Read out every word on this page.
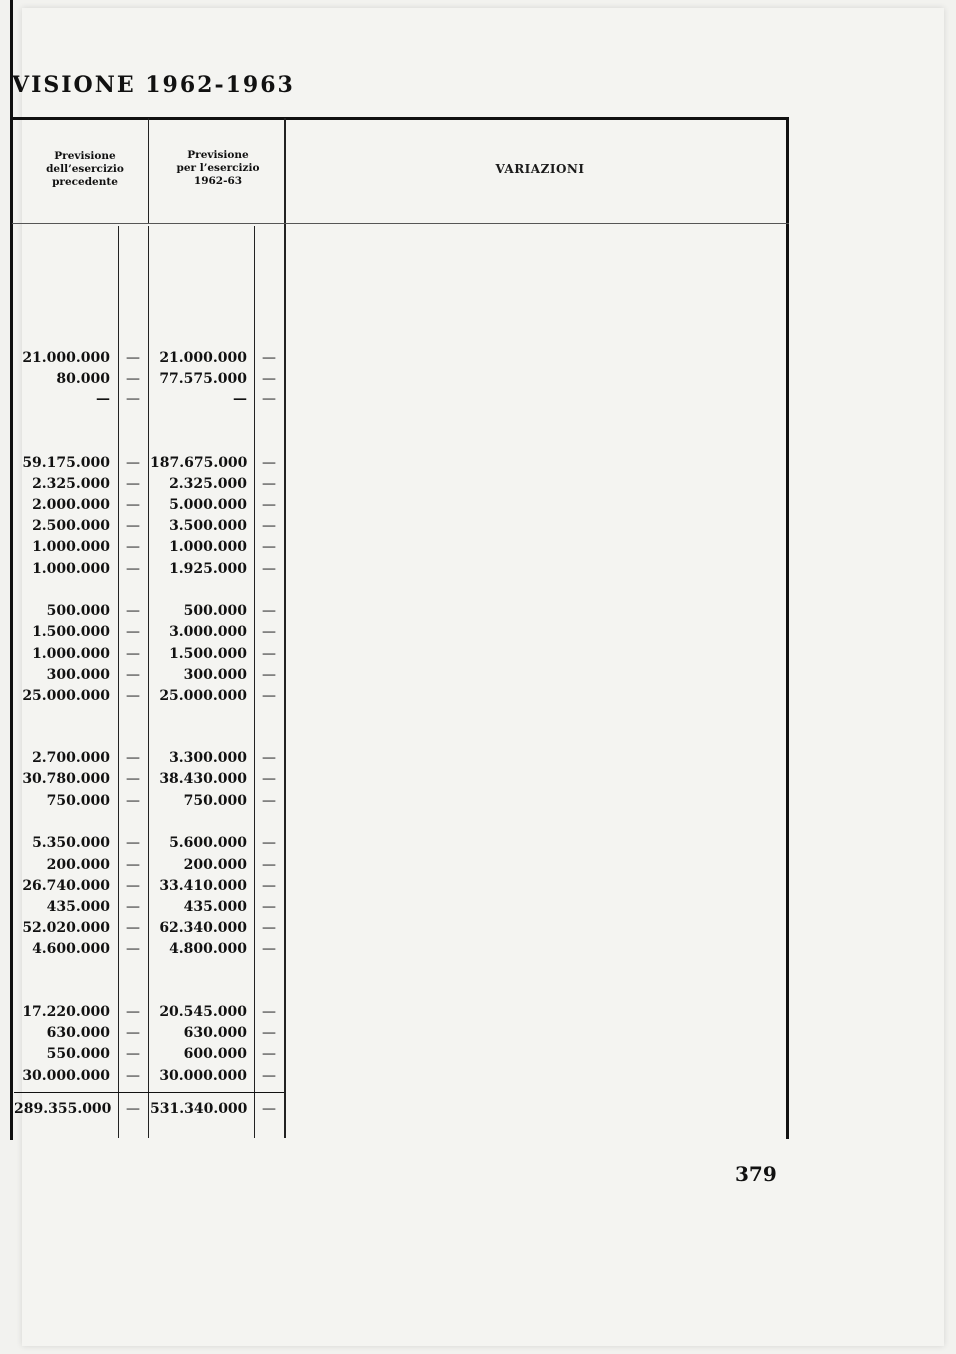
VISIONE 1962-1963
Previsione
dell’esercizio
precedente
Previsione
per l’esercizio
1962-63
VARIAZIONI
21.000.000	—	21.000.000	—
80.000	—	77.575.000	—
—	—	—	—
59.175.000	— 187.675.000	—
2.325.000	—	2.325.000	—
2.000.000	—	5.000.000	—
2.500.000	—	3.500.000	—
1.000.000	—	1.000.000	—
1.000.000	—	1.925.000	—
500.000	—	500.000	—
1.500.000	—	3.000.000	—
1.000.000	—	1.500.000	—
300.000	—	300.000	—
25.000.000	—	25.000.000	—
2.700.000	—	3.300.000	—
30.780.000	—	38.430.000	—
750.000	—	750.000	—
5.350.000	—	5.600.000	—
200.000	—	200.000	—
26.740.000	—	33.410.000	—
435.000	—	435.000	—
52.020.000	—	62.340.000	—
4.600.000	—	4.800.000	—
17.220.000	—	20.545.000	—
630.000	—	630.000	—
550.000	—	600.000	—
30.000.000	—	30.000.000	—
289.355.000	— 531.340.000	—
379
